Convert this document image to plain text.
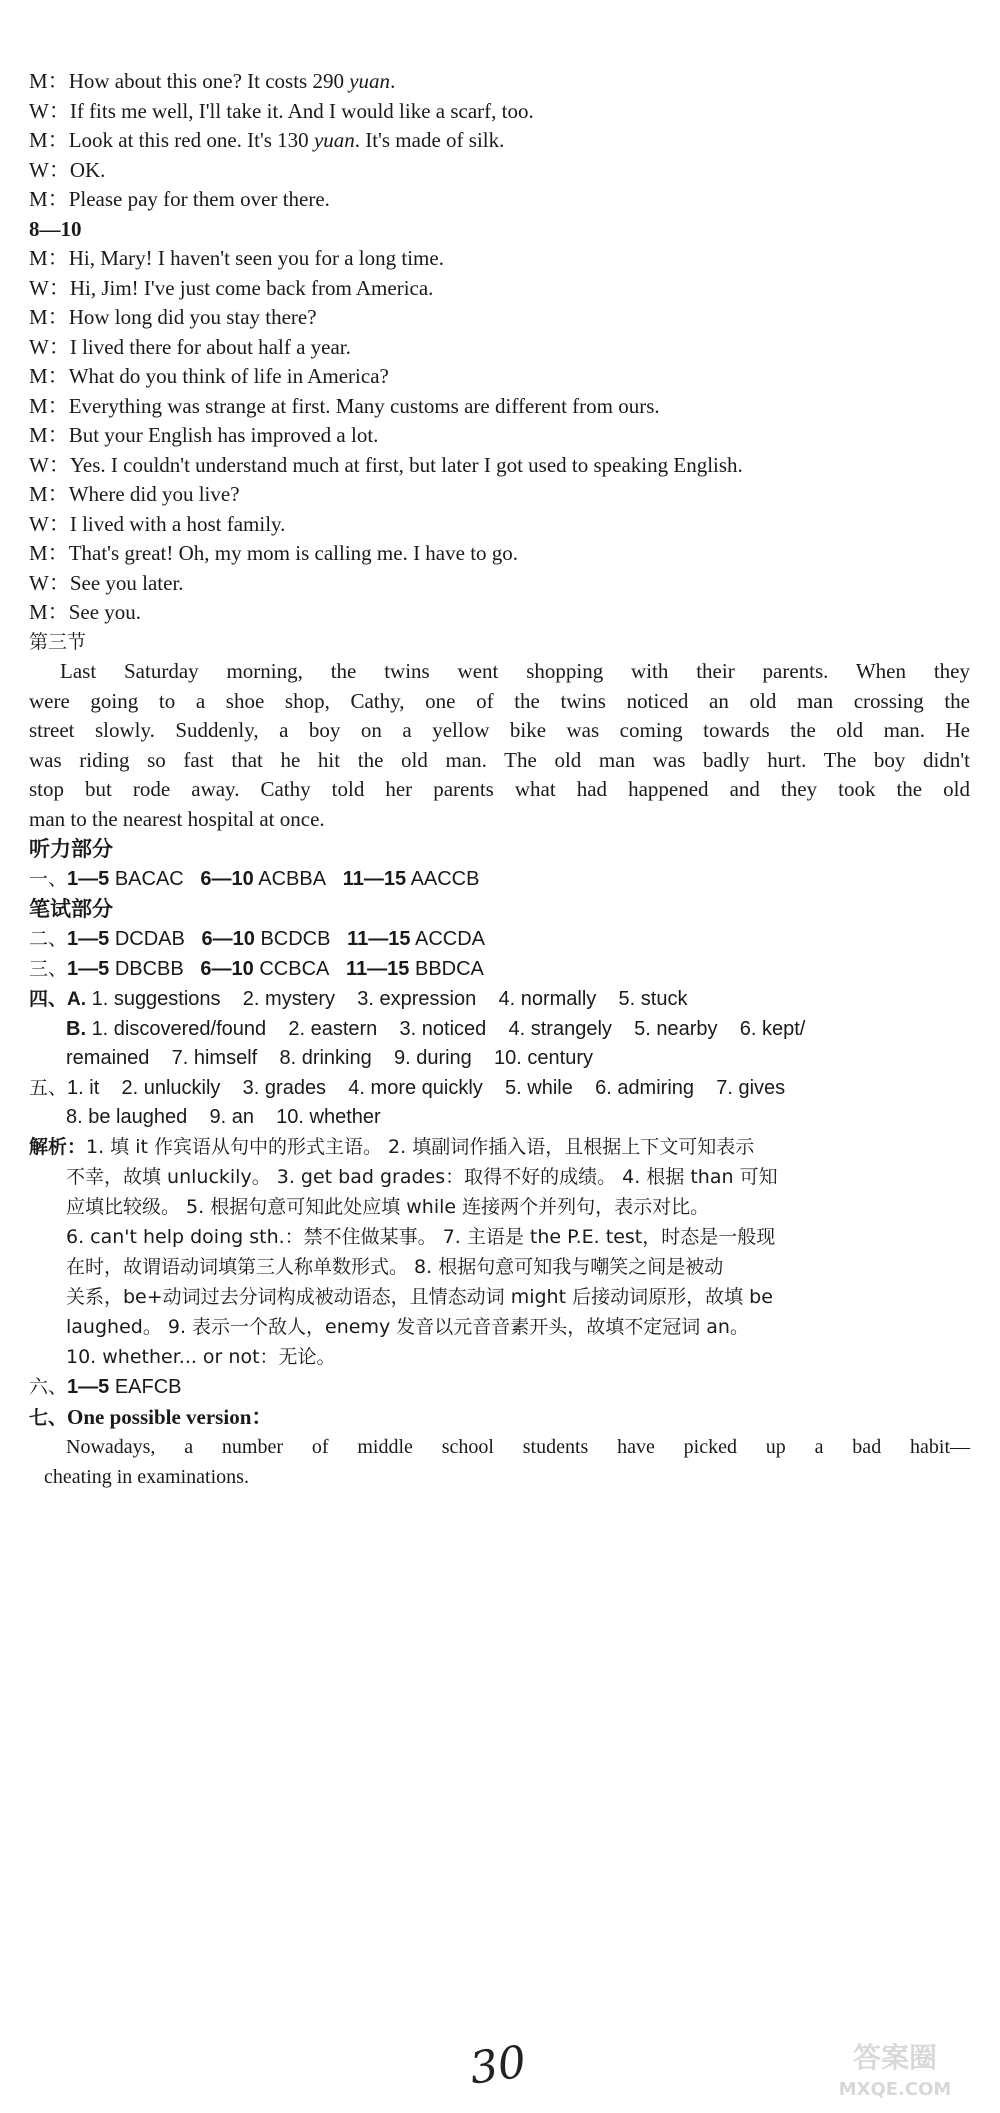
M：How about this one? It costs 290 yuan.
W：If fits me well, I'll take it. And I would like a scarf, too.
M：Look at this red one. It's 130 yuan. It's made of silk.
W：OK.
M：Please pay for them over there.
8—10
M：Hi, Mary! I haven't seen you for a long time.
W：Hi, Jim! I've just come back from America.
M：How long did you stay there?
W：I lived there for about half a year.
M：What do you think of life in America?
M：Everything was strange at first. Many customs are different from ours.
M：But your English has improved a lot.
W：Yes. I couldn't understand much at first, but later I got used to speaking English.
M：Where did you live?
W：I lived with a host family.
M：That's great! Oh, my mom is calling me. I have to go.
W：See you later.
M：See you.
第三节
Last Saturday morning, the twins went shopping with their parents. When they
were going to a shoe shop, Cathy, one of the twins noticed an old man crossing the
street slowly. Suddenly, a boy on a yellow bike was coming towards the old man. He
was riding so fast that he hit the old man. The old man was badly hurt. The boy didn't
stop but rode away. Cathy told her parents what had happened and they took the old
man to the nearest hospital at once.
听力部分
一、1—5 BACAC 6—10 ACBBA 11—15 AACCB
笔试部分
二、1—5 DCDAB 6—10 BCDCB 11—15 ACCDA
三、1—5 DBCBB 6—10 CCBCA 11—15 BBDCA
四、A. 1. suggestions 2. mystery 3. expression 4. normally 5. stuck
B. 1. discovered/found 2. eastern 3. noticed 4. strangely 5. nearby 6. kept/
remained 7. himself 8. drinking 9. during 10. century
五、1. it 2. unluckily 3. grades 4. more quickly 5. while 6. admiring 7. gives
8. be laughed 9. an 10. whether
解析：1. 填 it 作宾语从句中的形式主语。 2. 填副词作插入语，且根据上下文可知表示
不幸，故填 unluckily。 3. get bad grades：取得不好的成绩。 4. 根据 than 可知
应填比较级。 5. 根据句意可知此处应填 while 连接两个并列句，表示对比。
6. can't help doing sth.：禁不住做某事。 7. 主语是 the P.E. test，时态是一般现
在时，故谓语动词填第三人称单数形式。 8. 根据句意可知我与嘲笑之间是被动
关系，be+动词过去分词构成被动语态，且情态动词 might 后接动词原形，故填 be
laughed。 9. 表示一个敌人，enemy 发音以元音音素开头，故填不定冠词 an。
10. whether... or not：无论。
六、1—5 EAFCB
七、One possible version：
Nowadays, a number of middle school students have picked up a bad habit—
cheating in examinations.
30	答案圈
MXQE.COM
